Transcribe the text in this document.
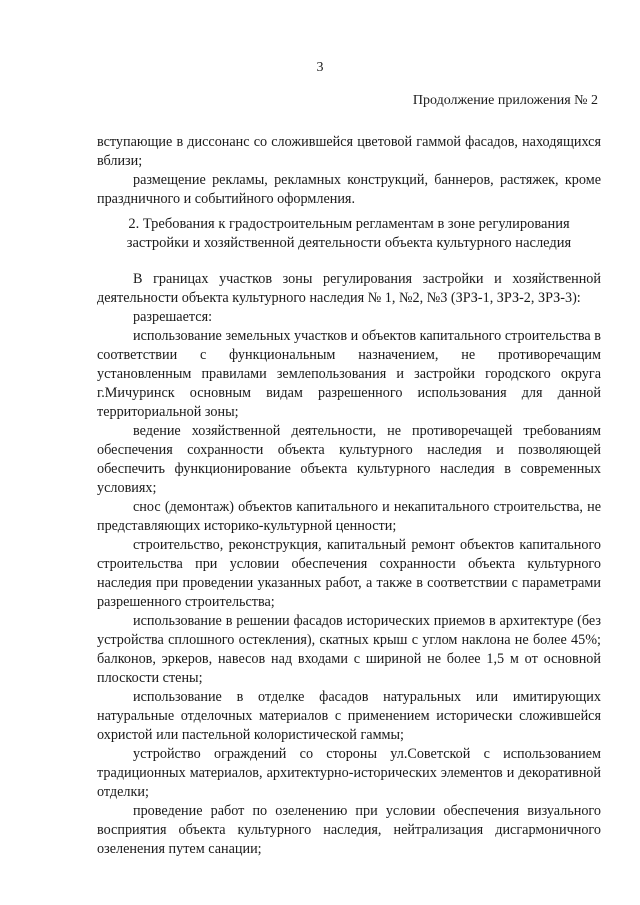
3
Продолжение приложения № 2

вступающие в диссонанс со сложившейся цветовой гаммой фасадов, находящихся вблизи;

размещение рекламы, рекламных конструкций, баннеров, растяжек, кроме праздничного и событийного оформления.

2. Требования к градостроительным регламентам в зоне регулирования застройки и хозяйственной деятельности объекта культурного наследия

В границах участков зоны регулирования застройки и хозяйственной деятельности объекта культурного наследия № 1, №2, №3 (ЗРЗ-1, ЗРЗ-2, ЗРЗ-3):

разрешается:

использование земельных участков и объектов капитального строительства в соответствии с функциональным назначением, не противоречащим установленным правилами землепользования и застройки городского округа г.Мичуринск основным видам разрешенного использования для данной территориальной зоны;

ведение хозяйственной деятельности, не противоречащей требованиям обеспечения сохранности объекта культурного наследия и позволяющей обеспечить функционирование объекта культурного наследия в современных условиях;

снос (демонтаж) объектов капитального и некапитального строительства, не представляющих историко-культурной ценности;

строительство, реконструкция, капитальный ремонт объектов капитального строительства при условии обеспечения сохранности объекта культурного наследия при проведении указанных работ, а также в соответствии с параметрами разрешенного строительства;

использование в решении фасадов исторических приемов в архитектуре (без устройства сплошного остекления), скатных крыш с углом наклона не более 45%; балконов, эркеров, навесов над входами с шириной не более 1,5 м от основной плоскости стены;

использование в отделке фасадов натуральных или имитирующих натуральные отделочных материалов с применением исторически сложившейся охристой или пастельной колористической гаммы;

устройство ограждений со стороны ул.Советской с использованием традиционных материалов, архитектурно-исторических элементов и декоративной отделки;

проведение работ по озеленению при условии обеспечения визуального восприятия объекта культурного наследия, нейтрализация дисгармоничного озеленения путем санации;
